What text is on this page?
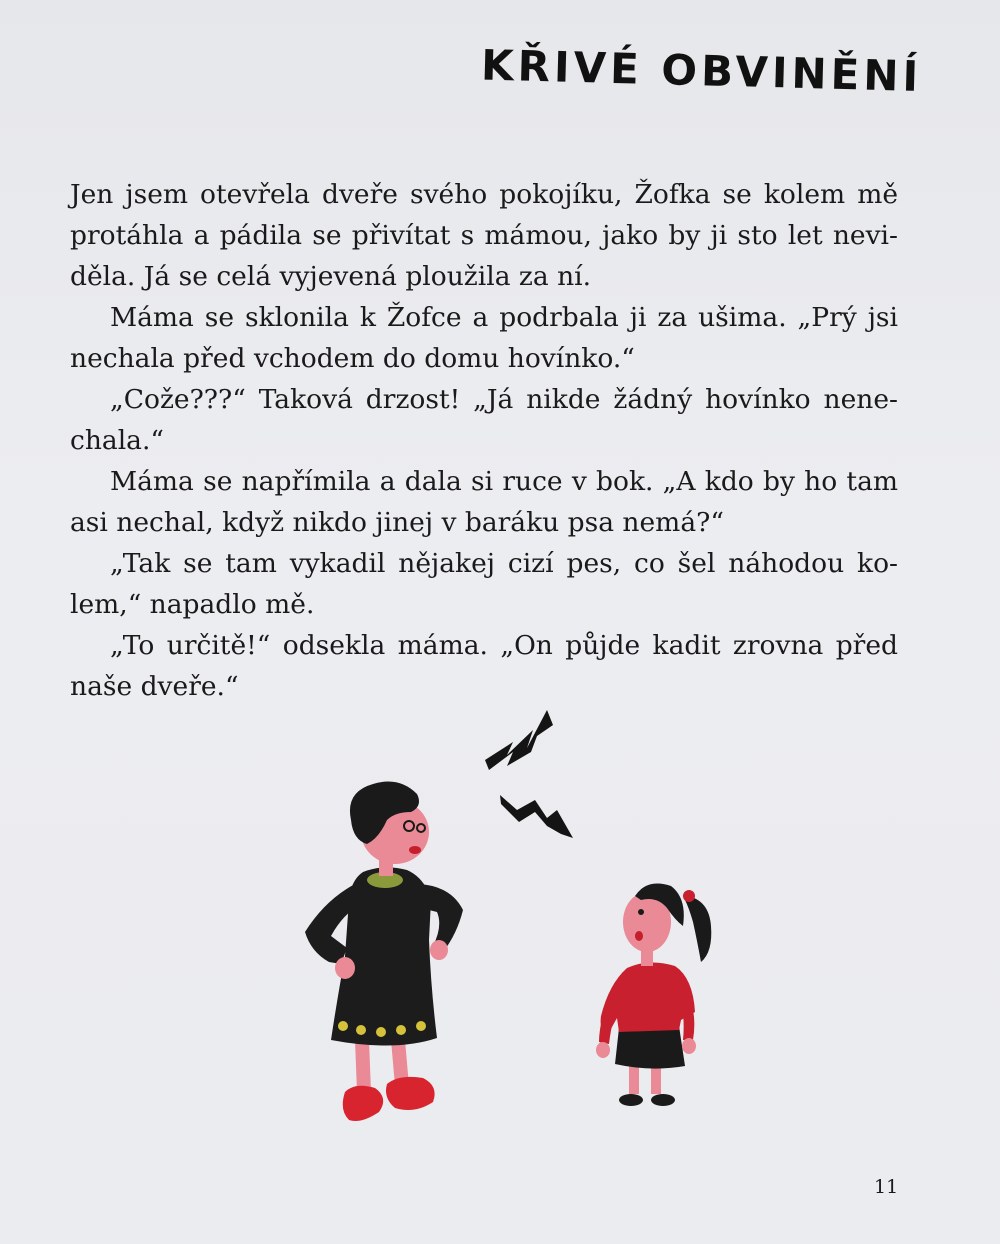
KŘIVÉ OBVINĚNÍ
Jen jsem otevřela dveře svého pokojíku, Žofka se kolem mě
protáhla a pádila se přivítat s mámou, jako by ji sto let nevi-
děla. Já se celá vyjevená ploužila za ní.
Máma se sklonila k Žofce a podrbala ji za ušima. „Prý jsi
nechala před vchodem do domu hovínko.“
„Cože???“ Taková drzost! „Já nikde žádný hovínko nene-
chala.“
Máma se napřímila a dala si ruce v bok. „A kdo by ho tam
asi nechal, když nikdo jinej v baráku psa nemá?“
„Tak se tam vykadil nějakej cizí pes, co šel náhodou ko-
lem,“ napadlo mě.
„To určitě!“ odsekla máma. „On půjde kadit zrovna před
naše dveře.“
11
